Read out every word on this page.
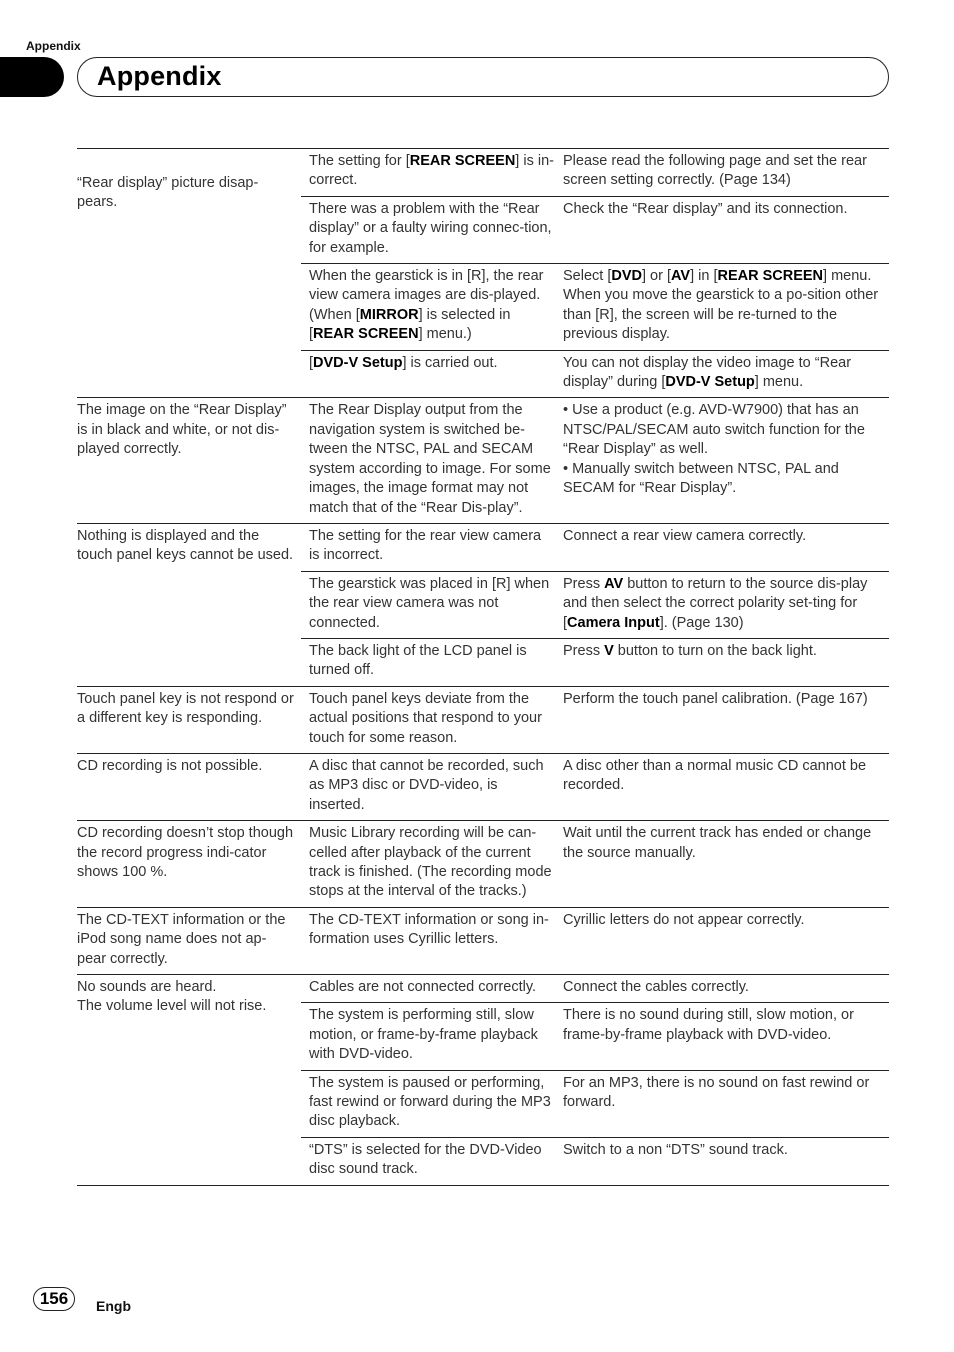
Appendix
Appendix
“Rear display” picture disap-pears.	The setting for [REAR SCREEN] is in-correct.	Please read the following page and set the rear screen setting correctly. (Page 134)
	There was a problem with the “Rear display” or a faulty wiring connec-tion, for example.	Check the “Rear display” and its connection.
	When the gearstick is in [R], the rear view camera images are dis-played. (When [MIRROR] is selected in [REAR SCREEN] menu.)	Select [DVD] or [AV] in [REAR SCREEN] menu. When you move the gearstick to a po-sition other than [R], the screen will be re-turned to the previous display.
	[DVD-V Setup] is carried out.	You can not display the video image to “Rear display” during [DVD-V Setup] menu.
The image on the “Rear Display” is in black and white, or not dis-played correctly.	The Rear Display output from the navigation system is switched be-tween the NTSC, PAL and SECAM system according to image. For some images, the image format may not match that of the “Rear Dis-play”.	• Use a product (e.g. AVD-W7900) that has an NTSC/PAL/SECAM auto switch function for the “Rear Display” as well.
• Manually switch between NTSC, PAL and SECAM for “Rear Display”.

Nothing is displayed and the touch panel keys cannot be used.	The setting for the rear view camera is incorrect.	Connect a rear view camera correctly.
	The gearstick was placed in [R] when the rear view camera was not connected.	Press AV button to return to the source dis-play and then select the correct polarity set-ting for [Camera Input]. (Page 130)
	The back light of the LCD panel is turned off.	Press V button to turn on the back light.
Touch panel key is not respond or a different key is responding.	Touch panel keys deviate from the actual positions that respond to your touch for some reason.	Perform the touch panel calibration. (Page 167)
CD recording is not possible.	A disc that cannot be recorded, such as MP3 disc or DVD-video, is inserted.	A disc other than a normal music CD cannot be recorded.
CD recording doesn’t stop though the record progress indi-cator shows 100 %.	Music Library recording will be can-celled after playback of the current track is finished. (The recording mode stops at the interval of the tracks.)	Wait until the current track has ended or change the source manually.
The CD-TEXT information or the iPod song name does not ap-pear correctly.	The CD-TEXT information or song in-formation uses Cyrillic letters.	Cyrillic letters do not appear correctly.

No sounds are heard.
The volume level will not rise.	Cables are not connected correctly.	Connect the cables correctly.
	The system is performing still, slow motion, or frame-by-frame playback with DVD-video.	There is no sound during still, slow motion, or frame-by-frame playback with DVD-video.
	The system is paused or performing, fast rewind or forward during the MP3 disc playback.	For an MP3, there is no sound on fast rewind or forward.
	“DTS” is selected for the DVD-Video disc sound track.	Switch to a non “DTS” sound track.
156	Engb
